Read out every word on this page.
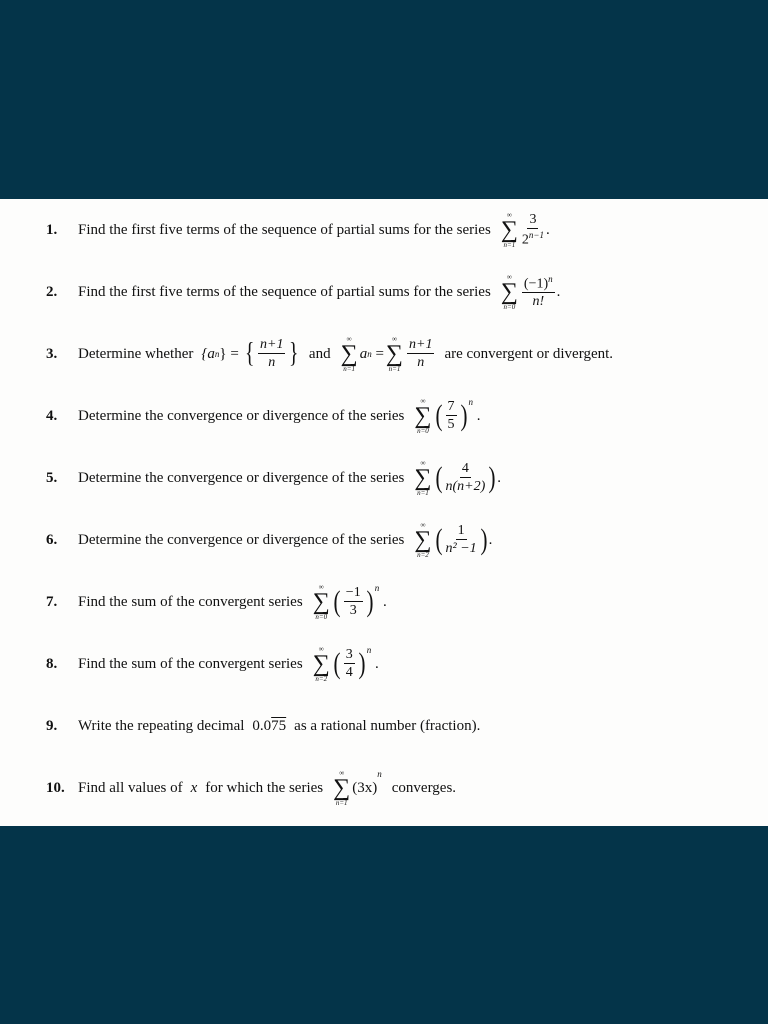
1.	Find the first five terms of the sequence of partial sums for the series
∞
∑
$n=1 \frac{3}{2^{n-1}}$ .
2.	Find the first five terms of the sequence of partial sums for the series
∞
∑
$n=0 \frac{(-1)^n}{n!}$ .
3.	Determine whether {a n } = { $\frac{n+1}{n}$ } and
∞
∑
n=1
a n =
∞
∑
$n=1 \frac{n+1}{n}$ are convergent or divergent.
4.	Determine the convergence or divergence of the series
∞
∑
n=0 ( $\frac{7}{5} )^n$
.
5.	Determine the convergence or divergence of the series
∞
∑
n=1 ( $\frac{4}{n(n+2)}$ ) .
6.	Determine the convergence or divergence of the series
∞
∑
n=2 ( $\frac{1}{\text{n² −1}}$ ) .
7.	Find the sum of the convergent series
∞
∑
n=0 ( $\frac{-1}{3} )^n$
.
8.	Find the sum of the convergent series
∞
∑
n=2 ( $\frac{3}{4} )^n$
.
9.	Write the repeating decimal 0.0 75 as a rational number (fraction).
10. Find all values of x for which the series
∞
∑
n=1
(3x)
n
converges.
